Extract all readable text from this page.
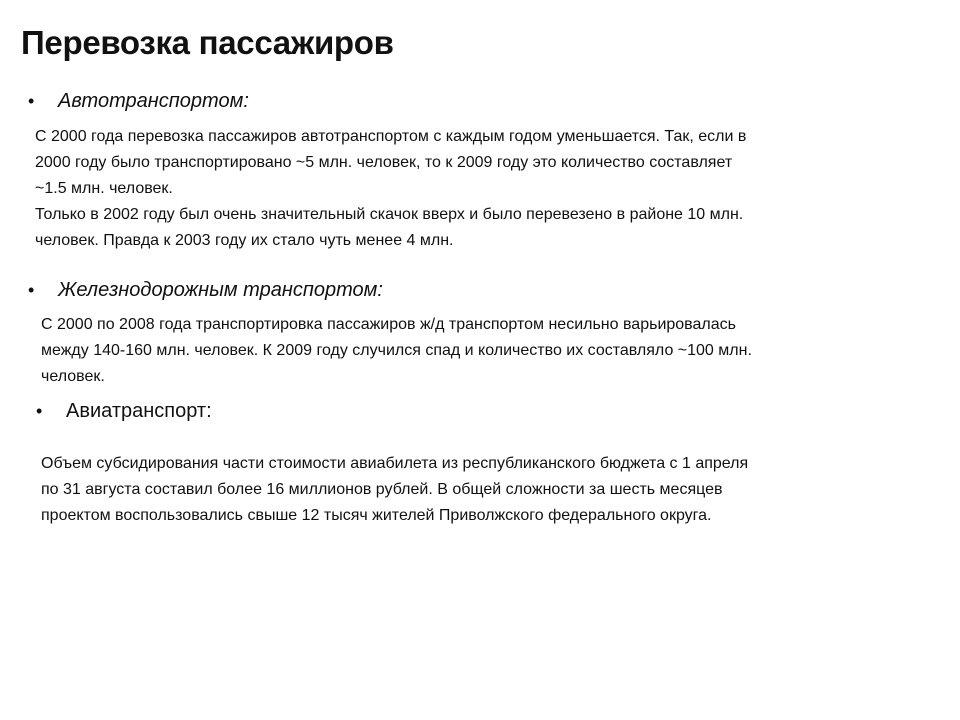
Перевозка пассажиров
•	Автотранспортом:
С 2000 года перевозка пассажиров автотранспортом с каждым годом уменьшается. Так, если в
2000 году было транспортировано ~5 млн. человек, то к 2009 году это количество составляет
~1.5 млн. человек.
Только в 2002 году был очень значительный скачок вверх и было перевезено в районе 10 млн.
человек. Правда к 2003 году их стало чуть менее 4 млн.
•	Железнодорожным транспортом:
С 2000 по 2008 года транспортировка пассажиров ж/д транспортом несильно варьировалась
между 140-160 млн. человек. К 2009 году случился спад и количество их составляло ~100 млн.
человек.
•	Авиатранспорт:
Объем субсидирования части стоимости авиабилета из республиканского бюджета с 1 апреля
по 31 августа составил более 16 миллионов рублей. В общей сложности за шесть месяцев
проектом воспользовались свыше 12 тысяч жителей Приволжского федерального округа.
